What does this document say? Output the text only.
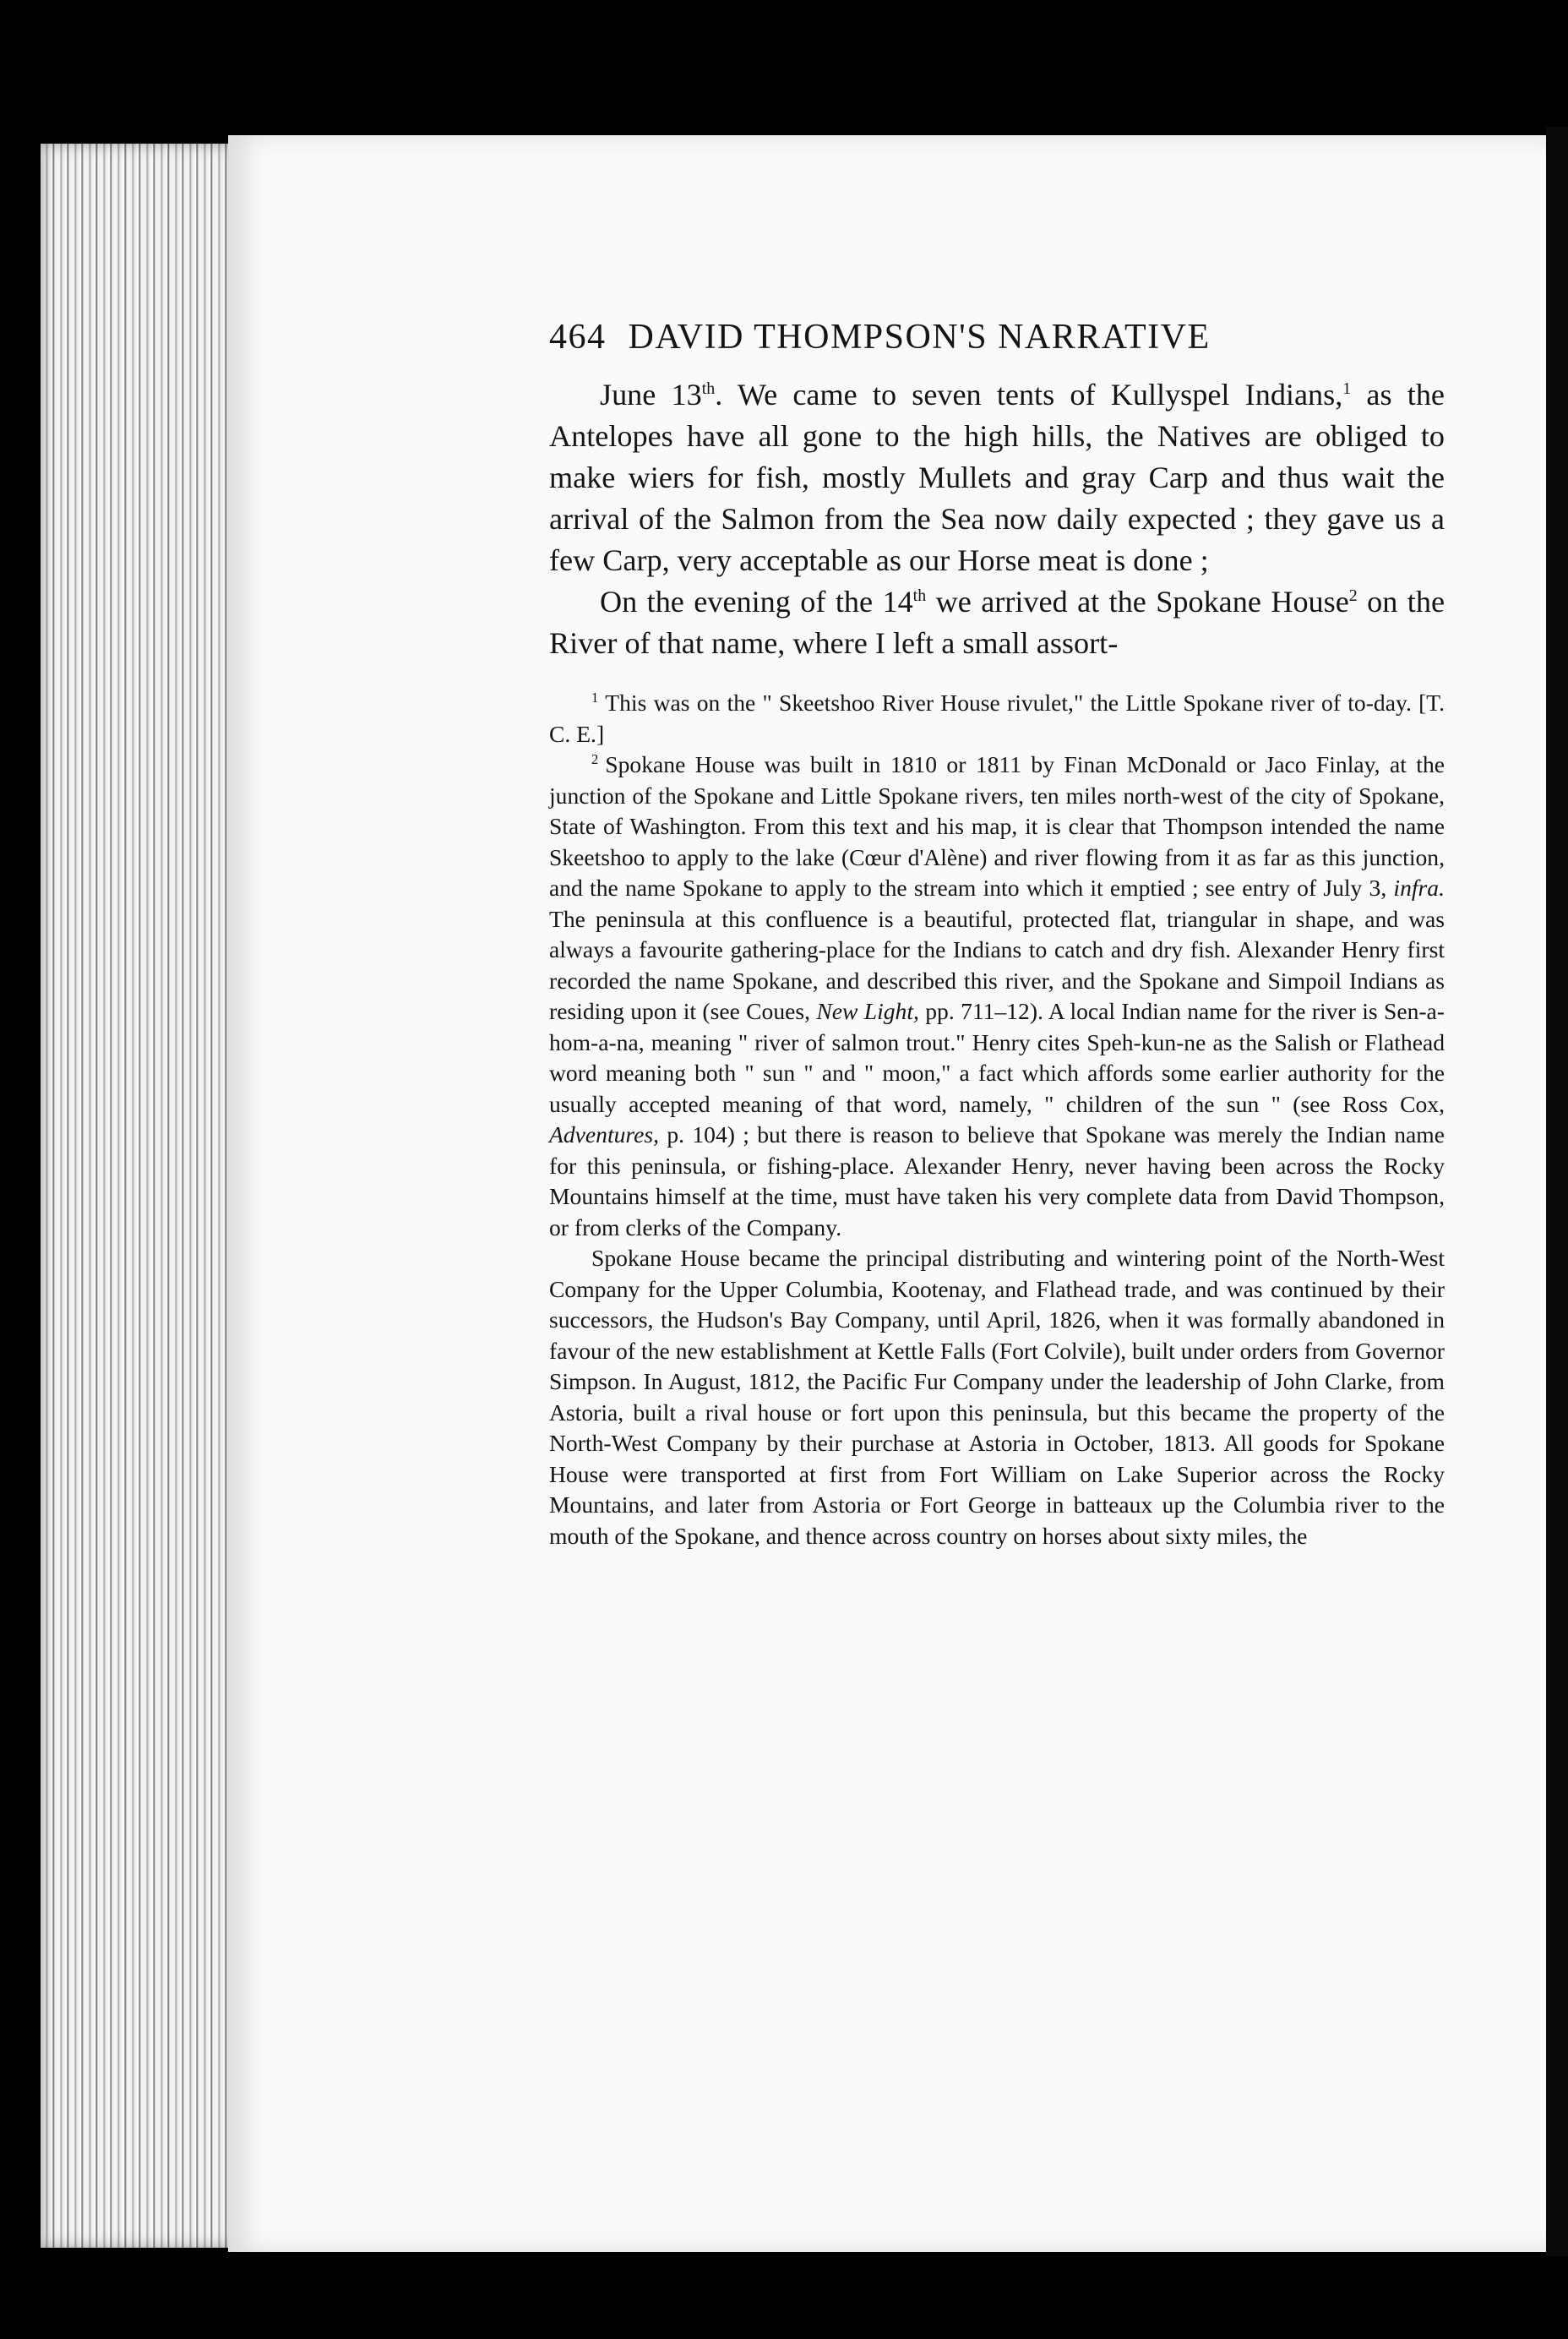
464 DAVID THOMPSON'S NARRATIVE

June 13th. We came to seven tents of Kullyspel Indians,$^1$ as the Antelopes have all gone to the high hills, the Natives are obliged to make wiers for fish, mostly Mullets and gray Carp and thus wait the arrival of the Salmon from the Sea now daily expected ; they gave us a few Carp, very acceptable as our Horse meat is done ;

On the evening of the 14th we arrived at the Spokane House$^2$ on the River of that name, where I left a small assort-

$^1$ This was on the " Skeetshoo River House rivulet," the Little Spokane river of to-day. [T. C. E.]

$^2$ Spokane House was built in 1810 or 1811 by Finan McDonald or Jaco Finlay, at the junction of the Spokane and Little Spokane rivers, ten miles north-west of the city of Spokane, State of Washington. From this text and his map, it is clear that Thompson intended the name Skeetshoo to apply to the lake (Cœur d'Alène) and river flowing from it as far as this junction, and the name Spokane to apply to the stream into which it emptied ; see entry of July 3, infra. The peninsula at this confluence is a beautiful, protected flat, triangular in shape, and was always a favourite gathering-place for the Indians to catch and dry fish. Alexander Henry first recorded the name Spokane, and described this river, and the Spokane and Simpoil Indians as residing upon it (see Coues, New Light, pp. 711–12). A local Indian name for the river is Sen-a-hom-a-na, meaning " river of salmon trout." Henry cites Speh-kun-ne as the Salish or Flathead word meaning both " sun " and " moon," a fact which affords some earlier authority for the usually accepted meaning of that word, namely, " children of the sun " (see Ross Cox, Adventures, p. 104) ; but there is reason to believe that Spokane was merely the Indian name for this peninsula, or fishing-place. Alexander Henry, never having been across the Rocky Mountains himself at the time, must have taken his very complete data from David Thompson, or from clerks of the Company.

Spokane House became the principal distributing and wintering point of the North-West Company for the Upper Columbia, Kootenay, and Flathead trade, and was continued by their successors, the Hudson's Bay Company, until April, 1826, when it was formally abandoned in favour of the new establishment at Kettle Falls (Fort Colvile), built under orders from Governor Simpson. In August, 1812, the Pacific Fur Company under the leadership of John Clarke, from Astoria, built a rival house or fort upon this peninsula, but this became the property of the North-West Company by their purchase at Astoria in October, 1813. All goods for Spokane House were transported at first from Fort William on Lake Superior across the Rocky Mountains, and later from Astoria or Fort George in batteaux up the Columbia river to the mouth of the Spokane, and thence across country on horses about sixty miles, the
